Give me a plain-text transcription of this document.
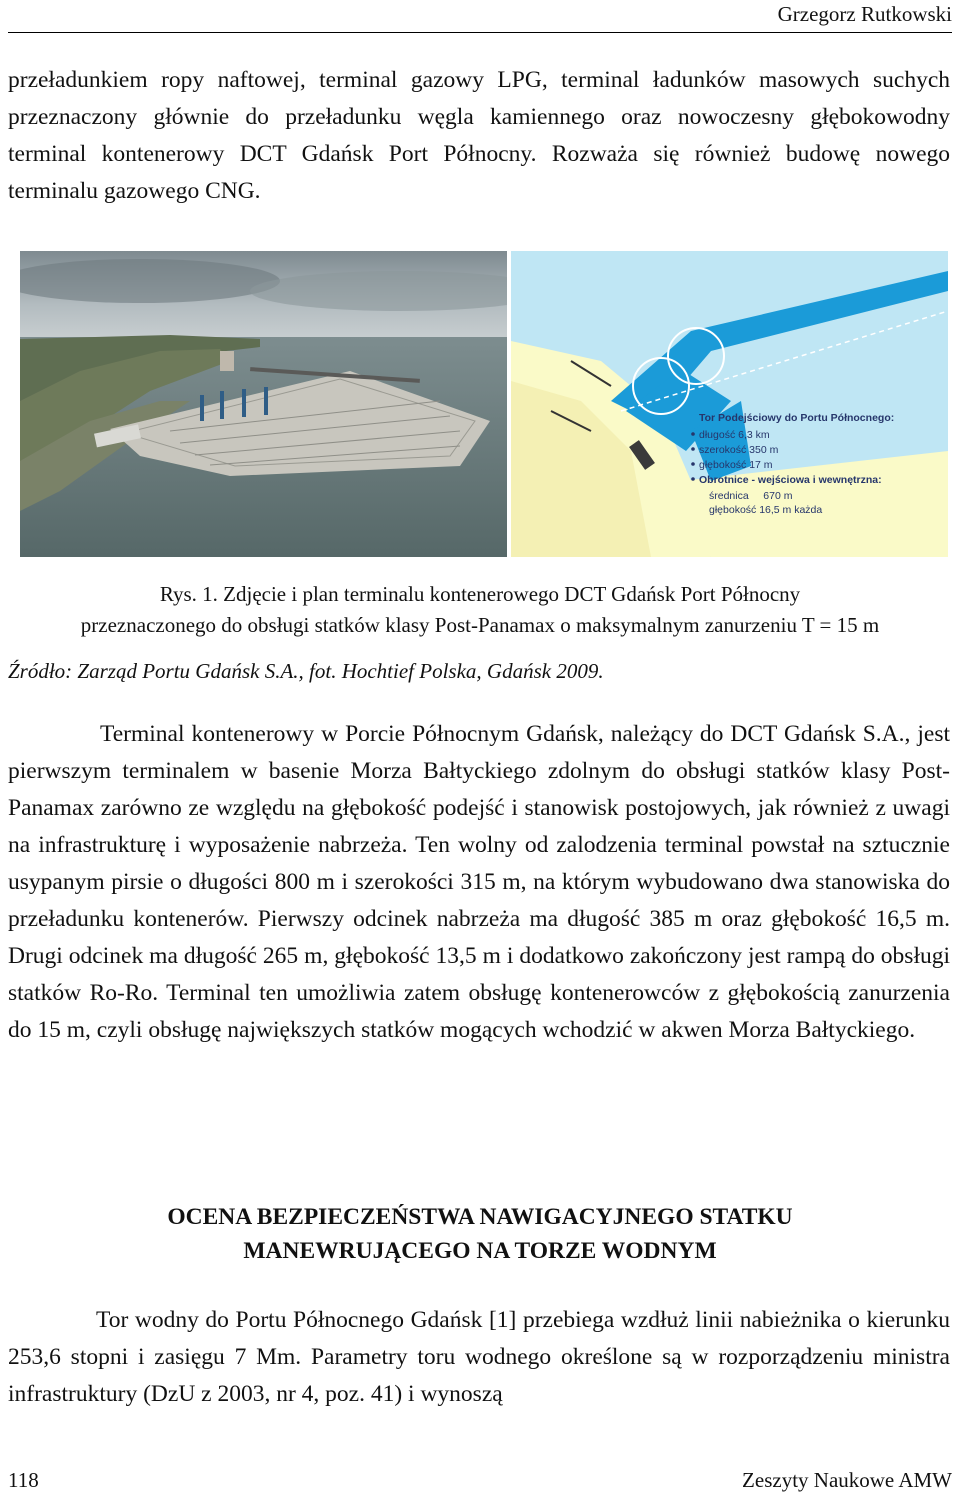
Grzegorz Rutkowski

przeładunkiem ropy naftowej, terminal gazowy LPG, terminal ładunków masowych suchych przeznaczony głównie do przeładunku węgla kamiennego oraz nowoczesny głębokowodny terminal kontenerowy DCT Gdańsk Port Północny. Rozważa się również budowę nowego terminalu gazowego CNG.

Tor Podejściowy do Portu Północnego:
długość 6,3 km
szerokość 350 m
głębokość 17 m
Obrotnice - wejściowa i wewnętrzna:
średnica     670 m
głębokość 16,5 m każda
Rys. 1. Zdjęcie i plan terminalu kontenerowego DCT Gdańsk Port Północny
przeznaczonego do obsługi statków klasy Post-Panamax o maksymalnym zanurzeniu T = 15 m
Źródło: Zarząd Portu Gdańsk S.A., fot. Hochtief Polska, Gdańsk 2009.

Terminal kontenerowy w Porcie Północnym Gdańsk, należący do DCT Gdańsk S.A., jest pierwszym terminalem w basenie Morza Bałtyckiego zdolnym do obsługi statków klasy Post-Panamax zarówno ze względu na głębokość podejść i stanowisk postojowych, jak również z uwagi na infrastrukturę i wyposażenie nabrzeża. Ten wolny od zalodzenia terminal powstał na sztucznie usypanym pirsie o długości 800 m i szerokości 315 m, na którym wybudowano dwa stanowiska do przeładunku kontenerów. Pierwszy odcinek nabrzeża ma długość 385 m oraz głębokość 16,5 m. Drugi odcinek ma długość 265 m, głębokość 13,5 m i dodatkowo zakończony jest rampą do obsługi statków Ro-Ro. Terminal ten umożliwia zatem obsługę kontenerowców z głębokością zanurzenia do 15 m, czyli obsługę największych statków mogących wchodzić w akwen Morza Bałtyckiego.

OCENA BEZPIECZEŃSTWA NAWIGACYJNEGO STATKU
MANEWRUJĄCEGO NA TORZE WODNYM

Tor wodny do Portu Północnego Gdańsk [1] przebiega wzdłuż linii nabieżnika o kierunku 253,6 stopni i zasięgu 7 Mm. Parametry toru wodnego określone są w rozporządzeniu ministra infrastruktury (DzU z 2003, nr 4, poz. 41) i wynoszą

118	Zeszyty Naukowe AMW
